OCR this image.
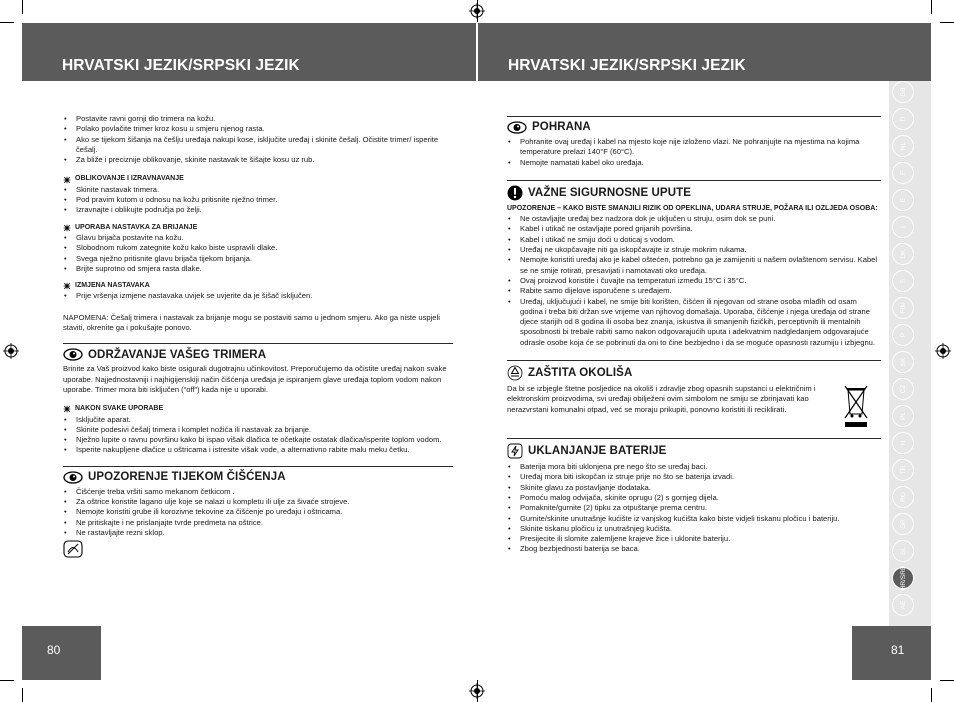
HRVATSKI JEZIK/SRPSKI JEZIK	HRVATSKI JEZIK/SRPSKI JEZIK
• Postavite ravni gornji dio trimera na kožu.
• Polako povlačite trimer kroz kosu u smjeru njenog rasta.
• Ako se tijekom šišanja na češlju uređaja nakupi kose, isključite uređaj i skinite češalj. Očistite trimer/ isperite češalj.
• Za bliže i preciznije oblikovanje, skinite nastavak te šišajte kosu uz rub.
OBLIKOVANJE I IZRAVNAVANJE
• Skinite nastavak trimera.
• Pod pravim kutom u odnosu na kožu pritisnite nježno trimer.
• Izravnajte i oblikujte područja po želji.
UPORABA NASTAVKA ZA BRIJANJE
• Glavu brijača postavite na kožu.
• Slobodnom rukom zategnite kožu kako biste uspravili dlake.
• Svega nježno pritisnite glavu brijača tijekom brijanja.
• Brijte suprotno od smjera rasta dlake.
IZMJENA NASTAVAKA
• Prije vršenja izmjene nastavaka uvijek se uvjerite da je šišač isključen.
NAPOMENA: Češalj trimera i nastavak za brijanje mogu se postaviti samo u jednom smjeru. Ako ga niste uspjeli staviti, okrenite ga i pokušajte ponovo.
ODRŽAVANJE VAŠEG TRIMERA
Brinite za Vaš proizvod kako biste osigurali dugotrajnu učinkovitost. Preporučujemo da očistite uređaj nakon svake uporabe. Najjednostavniji i najhigijenskiji način čišćenja uređaja je ispiranjem glave uređaja toplom vodom nakon uporabe. Trimer mora biti isključen (“off”) kada nije u uporabi.
NAKON SVAKE UPORABE
• Isključite aparat.
• Skinite podesivi češalj trimera i komplet nožića ili nastavak za brijanje.
• Nježno lupite o ravnu površinu kako bi ispao višak dlačica te očetkajte ostatak dlačica/isperite toplom vodom.
• Isperite nakupljene dlačice u oštricama i istresite višak vode, a alternativno rabite malu meku četku.
UPOZORENJE TIJEKOM ČIŠĆENJA
• Čišćenje treba vršiti samo mekanom četkicom .
• Za oštrice koristite lagano ulje koje se nalazi u kompletu ili ulje za šivaće strojeve.
• Nemojte koristiti grube ili korozivne tekovine za čišćenje po uređaju i oštricama.
• Ne pritiskajte i ne prislanjajte tvrde predmeta na oštrice.
• Ne rastavljajte rezni sklop.
POHRANA
• Pohranite ovaj uređaj i kabel na mjesto koje nije izloženo vlazi. Ne pohranjujte na mjestima na kojima temperature prelazi 140°F (60°C).
• Nemojte namatati kabel oko uređaja.
VAŽNE SIGURNOSNE UPUTE
UPOZORENJE – KAKO BISTE SMANJILI RIZIK OD OPEKLINA, UDARA STRUJE, POŽARA ILI OZLJEDA OSOBA:
• Ne ostavljajte uređaj bez nadzora dok je uključen u struju, osim dok se puni.
• Kabel i utikač ne ostavljajte pored grijanih površina.
• Kabel i utikač ne smiju doći u doticaj s vodom.
• Uređaj ne ukopčavajte niti ga iskopčavajte iz struje mokrim rukama.
• Nemojte koristiti uređaj ako je kabel oštećen, potrebno ga je zamijeniti u našem ovlaštenom servisu. Kabel se ne smije rotirati, presavijati i namotavati oko uređaja.
• Ovaj proizvod koristite i čuvajte na temperaturi između 15°C i 35°C.
• Rabite samo dijelove isporučene s uređajem.
• Uređaj, uključujući i kabel, ne smije biti korišten, čišćen ili njegovan od strane osoba mlađih od osam godina i treba biti držan sve vrijeme van njihovog domašaja. Uporaba, čišćenje i njega uređaja od strane djece starijih od 8 godina ili osoba bez znanja, iskustva ili smanjenih fizičkih, perceptivnih ili mentalnih sposobnosti bi trebale rabiti samo nakon odgovarajućih uputa i adekvatnim nadgledanjem odgovarajuće odrasle osobe koja će se pobrinuti da oni to čine bezbjedno i da se moguće opasnosti razumiju i izbjegnu.
ZAŠTITA OKOLIŠA
Da bi se izbjegle štetne posljedice na okoliš i zdravlje zbog opasnih supstanci u električnim i elektronskim proizvodima, svi uređaji obilježeni ovim simbolom ne smiju se zbrinjavati kao nerazvrstani komunalni otpad, već se moraju prikupiti, ponovno koristiti ili reciklirati.
UKLANJANJE BATERIJE
• Baterija mora biti uklonjena pre nego što se uređaj baci.
• Uređaj mora biti iskopčan iz struje prije no što se baterija izvadi.
• Skinite glavu za postavljanje dodataka.
• Pomoću malog odvijača, skinite oprugu (2) s gornjeg dijela.
• Pomaknite/gurnite (2) tipku za otpuštanje prema centru.
• Gurnite/skinite unutrašnje kućište iz vanjskog kućišta kako biste vidjeli tiskanu pločicu i bateriju.
• Skinite tiskanu pločicu iz unutrašnjeg kućišta.
• Presijecite ili slomite zalemljene krajeve žice i uklonite bateriju.
• Zbog bezbjednosti baterija se baca.
GB
D
NL
F
E
I
DK
S
FIN
P
SK
CZ
PL
H
TR
RO
GR
SL
HR/SRB
AE
80	81
